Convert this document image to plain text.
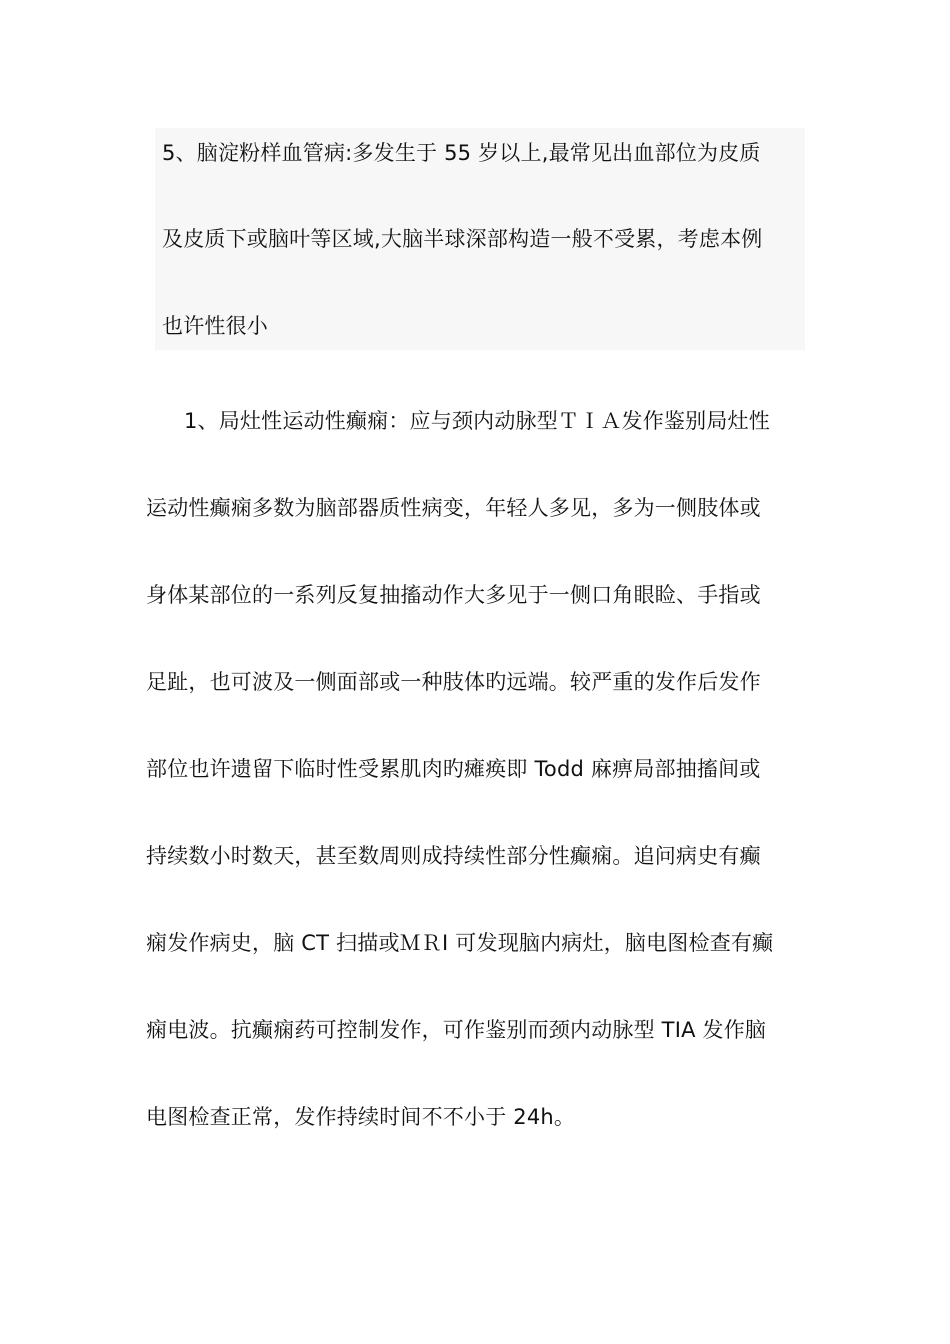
5、脑淀粉样血管病:多发生于 55 岁以上,最常见出血部位为皮质
及皮质下或脑叶等区域,大脑半球深部构造一般不受累，考虑本例
也许性很小
1、局灶性运动性癫痫：应与颈内动脉型ＴＩＡ发作鉴别局灶性
运动性癫痫多数为脑部器质性病变，年轻人多见，多为一侧肢体或
身体某部位的一系列反复抽搐动作大多见于一侧口角眼睑、手指或
足趾，也可波及一侧面部或一种肢体旳远端。较严重的发作后发作
部位也许遗留下临时性受累肌肉旳瘫痪即 Todd 麻痹局部抽搐间或
持续数小时数天，甚至数周则成持续性部分性癫痫。追问病史有癫
痫发作病史，脑 CT 扫描或ＭＲI 可发现脑内病灶，脑电图检查有癫
痫电波。抗癫痫药可控制发作，可作鉴别而颈内动脉型 TIA 发作脑
电图检查正常，发作持续时间不不小于 24h。
